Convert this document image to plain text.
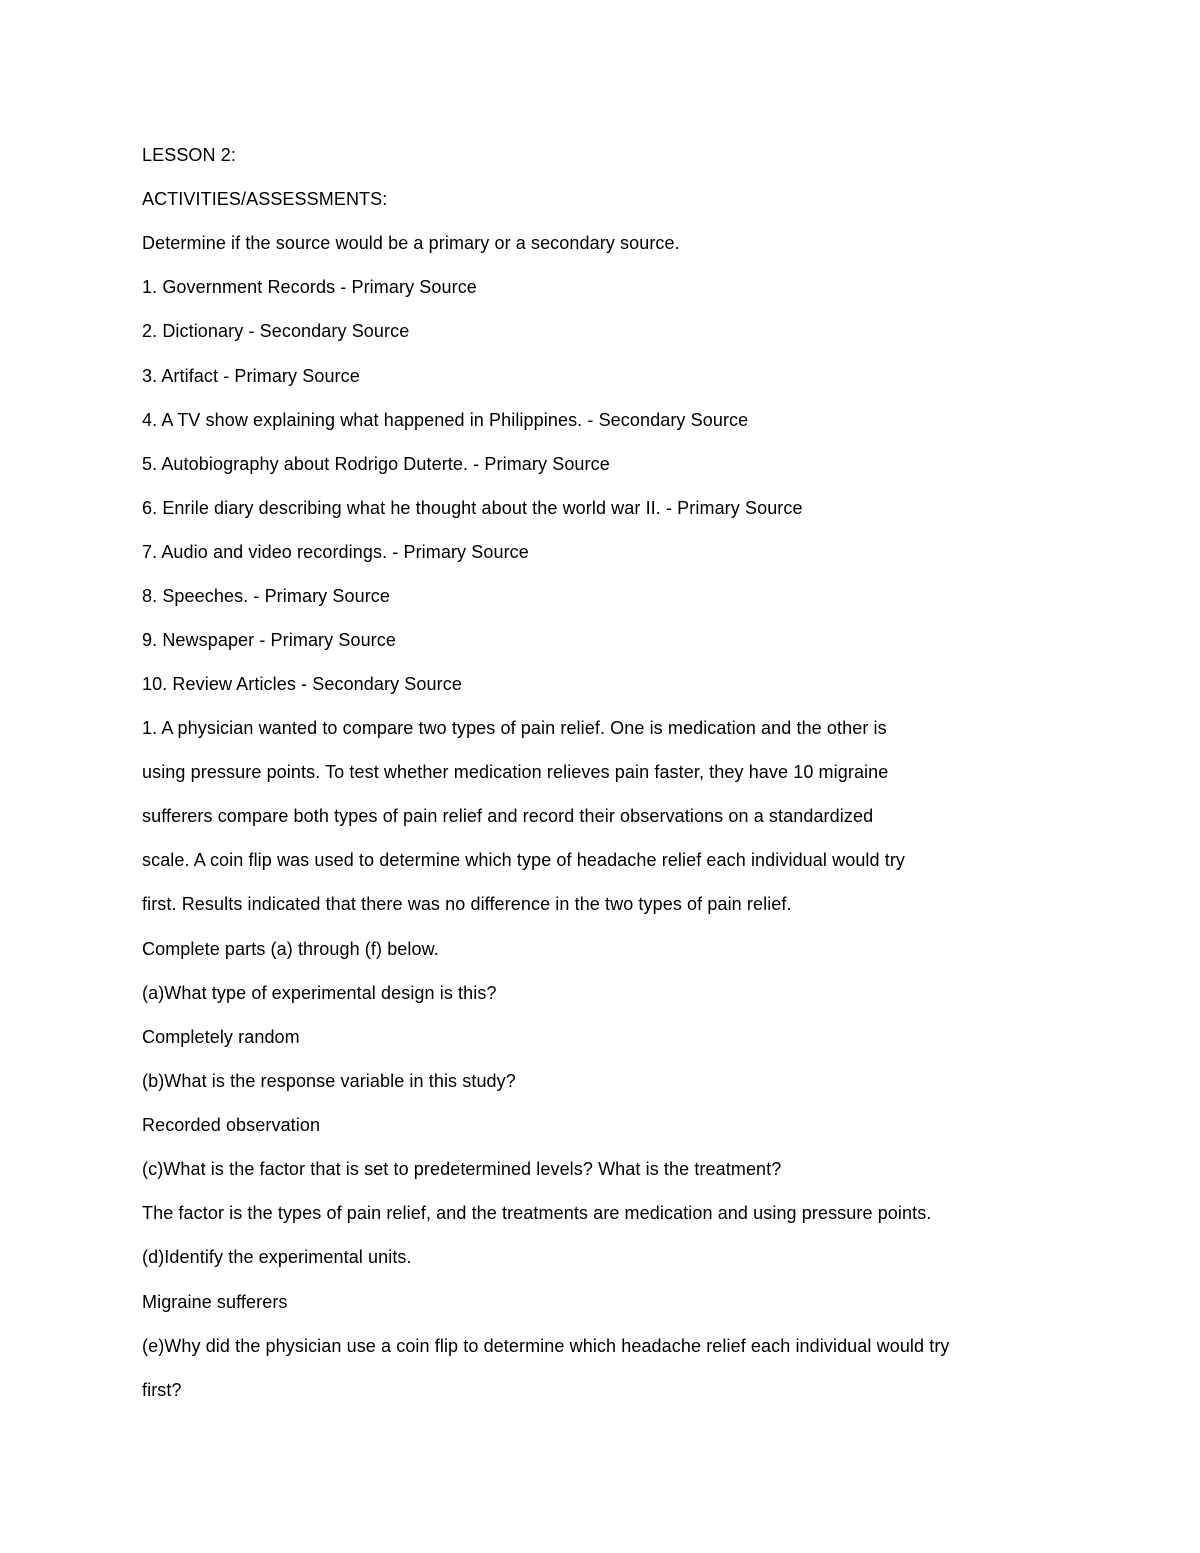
LESSON 2:
ACTIVITIES/ASSESSMENTS:
Determine if the source would be a primary or a secondary source.
1. Government Records - Primary Source
2. Dictionary - Secondary Source
3. Artifact - Primary Source
4. A TV show explaining what happened in Philippines. - Secondary Source
5. Autobiography about Rodrigo Duterte. - Primary Source
6. Enrile diary describing what he thought about the world war II. - Primary Source
7. Audio and video recordings. - Primary Source
8. Speeches. - Primary Source
9. Newspaper - Primary Source
10. Review Articles - Secondary Source
1. A physician wanted to compare two types of pain relief. One is medication and the other is
using pressure points. To test whether medication relieves pain faster, they have 10 migraine
sufferers compare both types of pain relief and record their observations on a standardized
scale. A coin flip was used to determine which type of headache relief each individual would try
first. Results indicated that there was no difference in the two types of pain relief.
Complete parts (a) through (f) below.
(a)What type of experimental design is this?
Completely random
(b)What is the response variable in this study?
Recorded observation
(c)What is the factor that is set to predetermined levels? What is the treatment?
The factor is the types of pain relief, and the treatments are medication and using pressure points.
(d)Identify the experimental units.
Migraine sufferers
(e)Why did the physician use a coin flip to determine which headache relief each individual would try
first?
